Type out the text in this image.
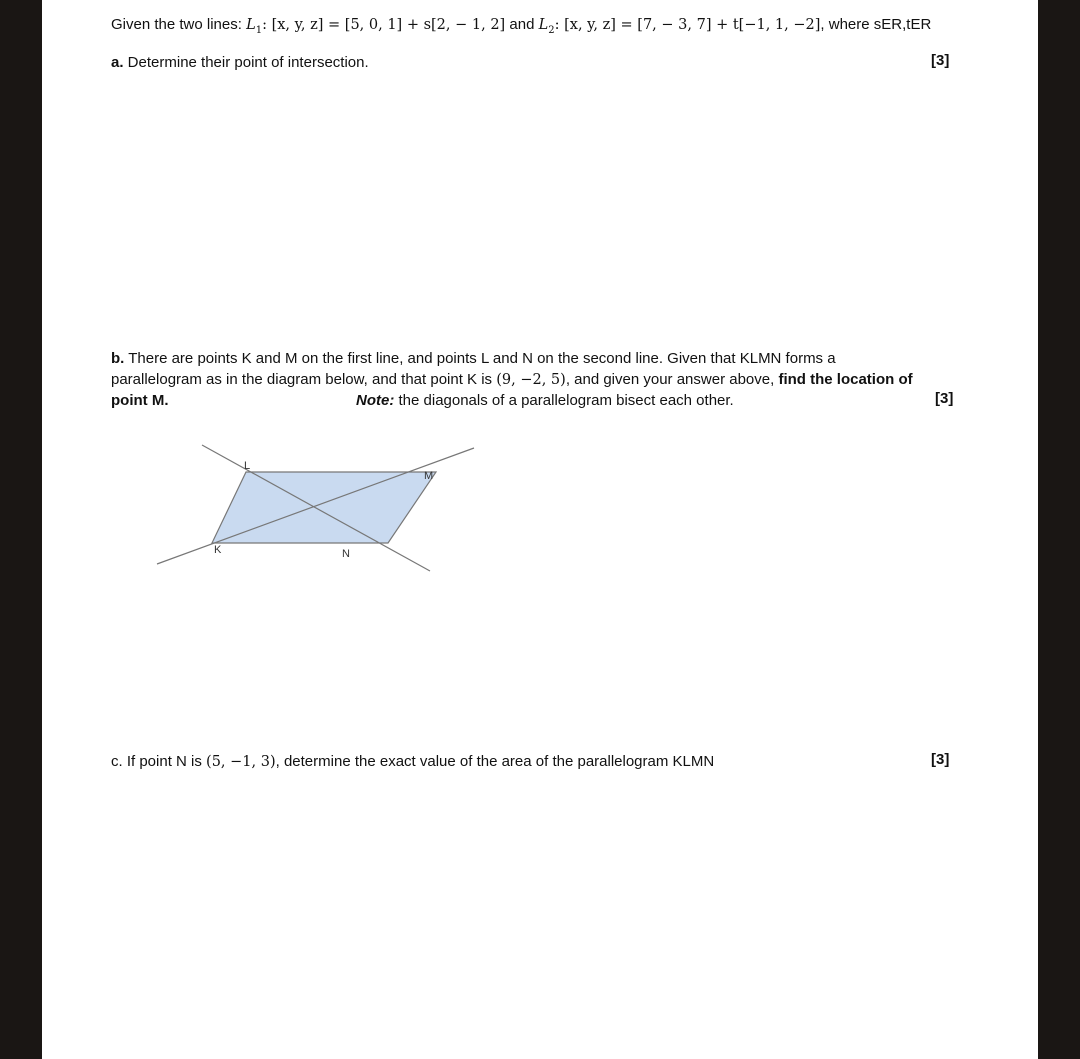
Given the two lines: $L_1$: [x, y, z] = [5, 0, 1] + s[2, − 1, 2] and $L_2$: [x, y, z] = [7, − 3, 7] + t[−1, 1, −2], where sER,tER
a. Determine their point of intersection.	[3]
b. There are points K and M on the first line, and points L and N on the second line. Given that KLMN forms a
parallelogram as in the diagram below, and that point K is (9, −2, 5), and given your answer above, find the location of
point M.	Note: the diagonals of a parallelogram bisect each other.	[3]
L
M
K	N
c. If point N is (5, −1, 3), determine the exact value of the area of the parallelogram KLMN	[3]
